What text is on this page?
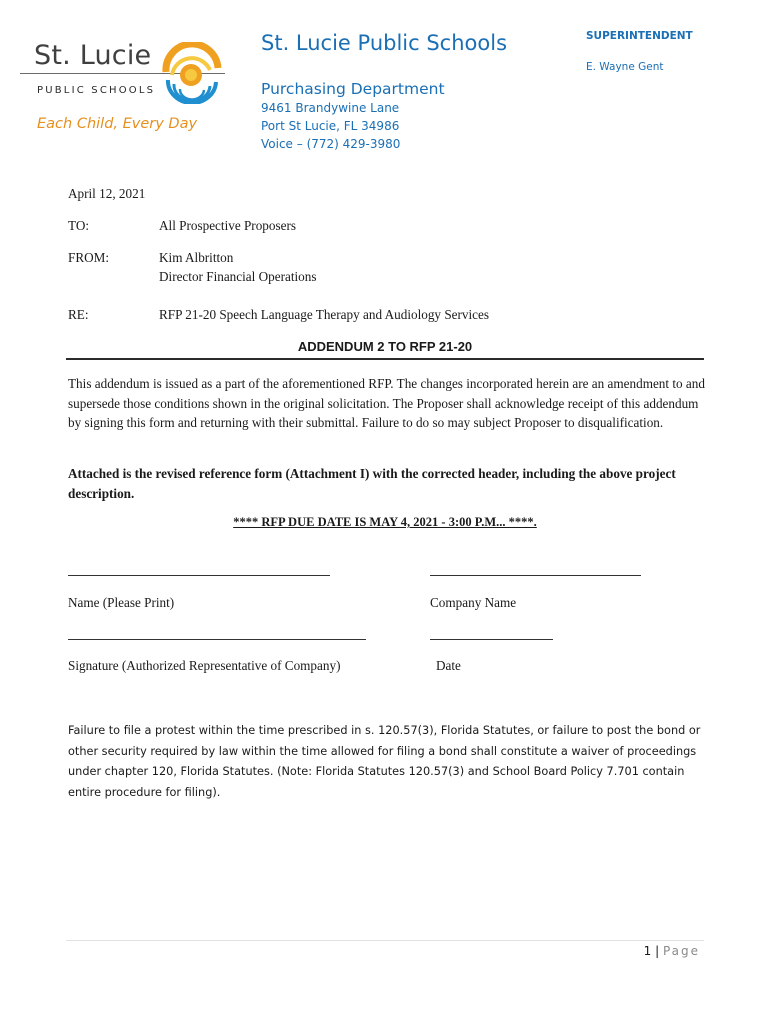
St. Lucie
PUBLIC SCHOOLS
Each Child, Every Day
St. Lucie Public Schools
Purchasing Department
9461 Brandywine Lane
Port St Lucie, FL 34986
Voice – (772) 429-3980
SUPERINTENDENT
E. Wayne Gent
April 12, 2021
TO:	All Prospective Proposers
FROM:	Kim Albritton
Director Financial Operations
RE:	RFP 21-20 Speech Language Therapy and Audiology Services
ADDENDUM 2 TO RFP 21-20
This addendum is issued as a part of the aforementioned RFP. The changes incorporated herein are an amendment to and supersede those conditions shown in the original solicitation. The Proposer shall acknowledge receipt of this addendum by signing this form and returning with their submittal. Failure to do so may subject Proposer to disqualification.
Attached is the revised reference form (Attachment I) with the corrected header, including the above project description.
**** RFP DUE DATE IS MAY 4, 2021 - 3:00 P.M... ****.
Name (Please Print)	Company Name
Signature (Authorized Representative of Company)	Date
Failure to file a protest within the time prescribed in s. 120.57(3), Florida Statutes, or failure to post the bond or other security required by law within the time allowed for filing a bond shall constitute a waiver of proceedings under chapter 120, Florida Statutes. (Note: Florida Statutes 120.57(3) and School Board Policy 7.701 contain entire procedure for filing).
1 | Page
